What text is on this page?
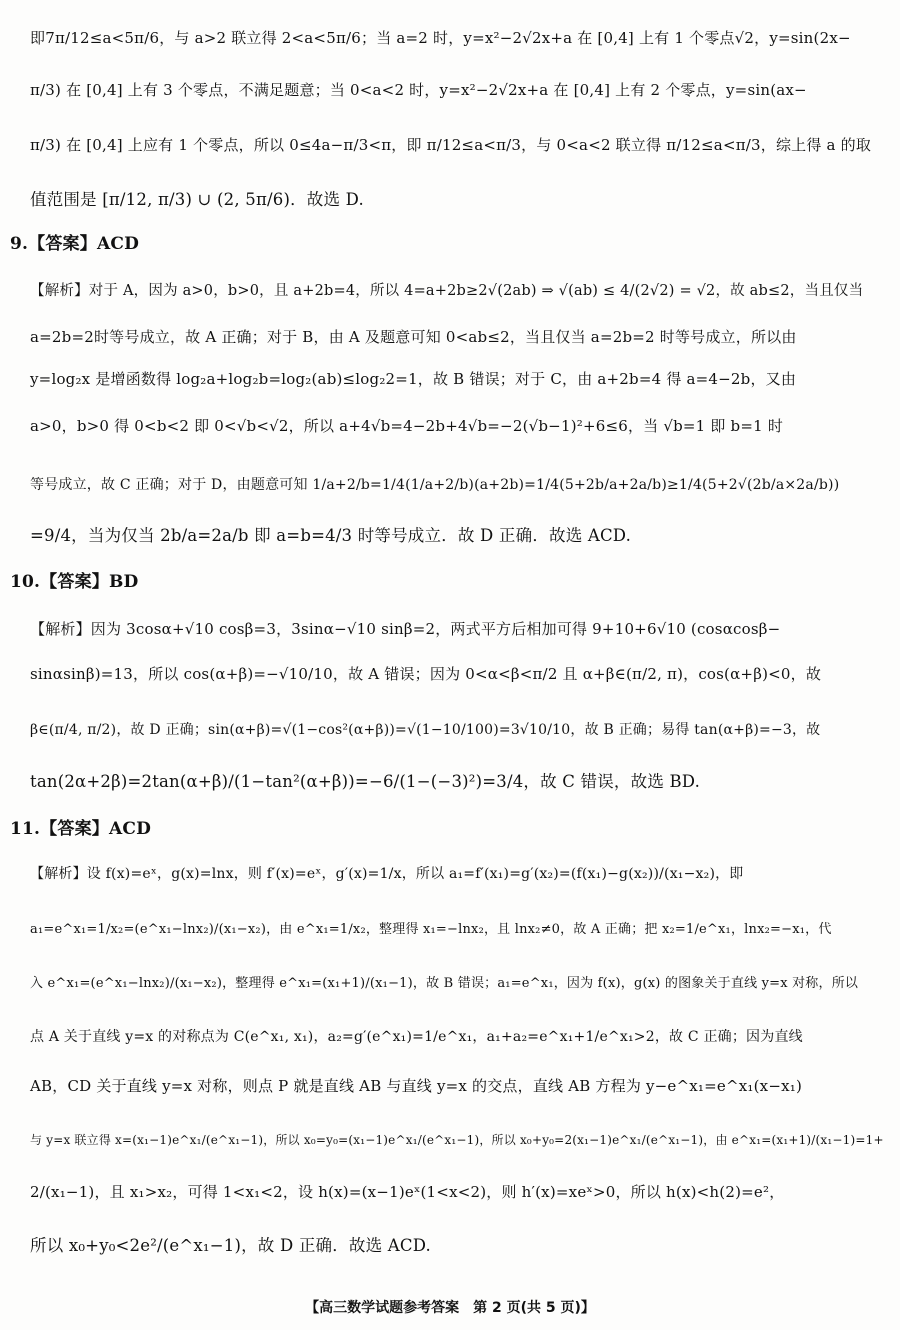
即7π/12≤a<5π/6，与 a>2 联立得 2<a<5π/6；当 a=2 时，y=x²−2√2x+a 在 [0,4] 上有 1 个零点√2，y=sin(2x−
π/3) 在 [0,4] 上有 3 个零点，不满足题意；当 0<a<2 时，y=x²−2√2x+a 在 [0,4] 上有 2 个零点，y=sin(ax−
π/3) 在 [0,4] 上应有 1 个零点，所以 0≤4a−π/3<π，即 π/12≤a<π/3，与 0<a<2 联立得 π/12≤a<π/3，综上得 a 的取
值范围是 [π/12, π/3) ∪ (2, 5π/6)．故选 D.
9.【答案】ACD
【解析】对于 A，因为 a>0，b>0，且 a+2b=4，所以 4=a+2b≥2√(2ab) ⇒ √(ab) ≤ 4/(2√2) = √2，故 ab≤2，当且仅当
a=2b=2时等号成立，故 A 正确；对于 B，由 A 及题意可知 0<ab≤2，当且仅当 a=2b=2 时等号成立，所以由
y=log₂x 是增函数得 log₂a+log₂b=log₂(ab)≤log₂2=1，故 B 错误；对于 C，由 a+2b=4 得 a=4−2b，又由
a>0，b>0 得 0<b<2 即 0<√b<√2，所以 a+4√b=4−2b+4√b=−2(√b−1)²+6≤6，当 √b=1 即 b=1 时
等号成立，故 C 正确；对于 D，由题意可知 1/a+2/b=1/4(1/a+2/b)(a+2b)=1/4(5+2b/a+2a/b)≥1/4(5+2√(2b/a×2a/b))
=9/4，当为仅当 2b/a=2a/b 即 a=b=4/3 时等号成立．故 D 正确．故选 ACD.
10.【答案】BD
【解析】因为 3cosα+√10 cosβ=3，3sinα−√10 sinβ=2，两式平方后相加可得 9+10+6√10 (cosαcosβ−
sinαsinβ)=13，所以 cos(α+β)=−√10/10，故 A 错误；因为 0<α<β<π/2 且 α+β∈(π/2, π)，cos(α+β)<0，故
β∈(π/4, π/2)，故 D 正确；sin(α+β)=√(1−cos²(α+β))=√(1−10/100)=3√10/10，故 B 正确；易得 tan(α+β)=−3，故
tan(2α+2β)=2tan(α+β)/(1−tan²(α+β))=−6/(1−(−3)²)=3/4，故 C 错误，故选 BD.
11.【答案】ACD
【解析】设 f(x)=eˣ，g(x)=lnx，则 f′(x)=eˣ，g′(x)=1/x，所以 a₁=f′(x₁)=g′(x₂)=(f(x₁)−g(x₂))/(x₁−x₂)，即
a₁=e^x₁=1/x₂=(e^x₁−lnx₂)/(x₁−x₂)，由 e^x₁=1/x₂，整理得 x₁=−lnx₂，且 lnx₂≠0，故 A 正确；把 x₂=1/e^x₁，lnx₂=−x₁，代
入 e^x₁=(e^x₁−lnx₂)/(x₁−x₂)，整理得 e^x₁=(x₁+1)/(x₁−1)，故 B 错误；a₁=e^x₁，因为 f(x)，g(x) 的图象关于直线 y=x 对称，所以
点 A 关于直线 y=x 的对称点为 C(e^x₁, x₁)，a₂=g′(e^x₁)=1/e^x₁，a₁+a₂=e^x₁+1/e^x₁>2，故 C 正确；因为直线
AB，CD 关于直线 y=x 对称，则点 P 就是直线 AB 与直线 y=x 的交点，直线 AB 方程为 y−e^x₁=e^x₁(x−x₁)
与 y=x 联立得 x=(x₁−1)e^x₁/(e^x₁−1)，所以 x₀=y₀=(x₁−1)e^x₁/(e^x₁−1)，所以 x₀+y₀=2(x₁−1)e^x₁/(e^x₁−1)，由 e^x₁=(x₁+1)/(x₁−1)=1+
2/(x₁−1)，且 x₁>x₂，可得 1<x₁<2，设 h(x)=(x−1)eˣ(1<x<2)，则 h′(x)=xeˣ>0，所以 h(x)<h(2)=e²，
所以 x₀+y₀<2e²/(e^x₁−1)，故 D 正确．故选 ACD.
【高三数学试题参考答案　第 2 页(共 5 页)】
